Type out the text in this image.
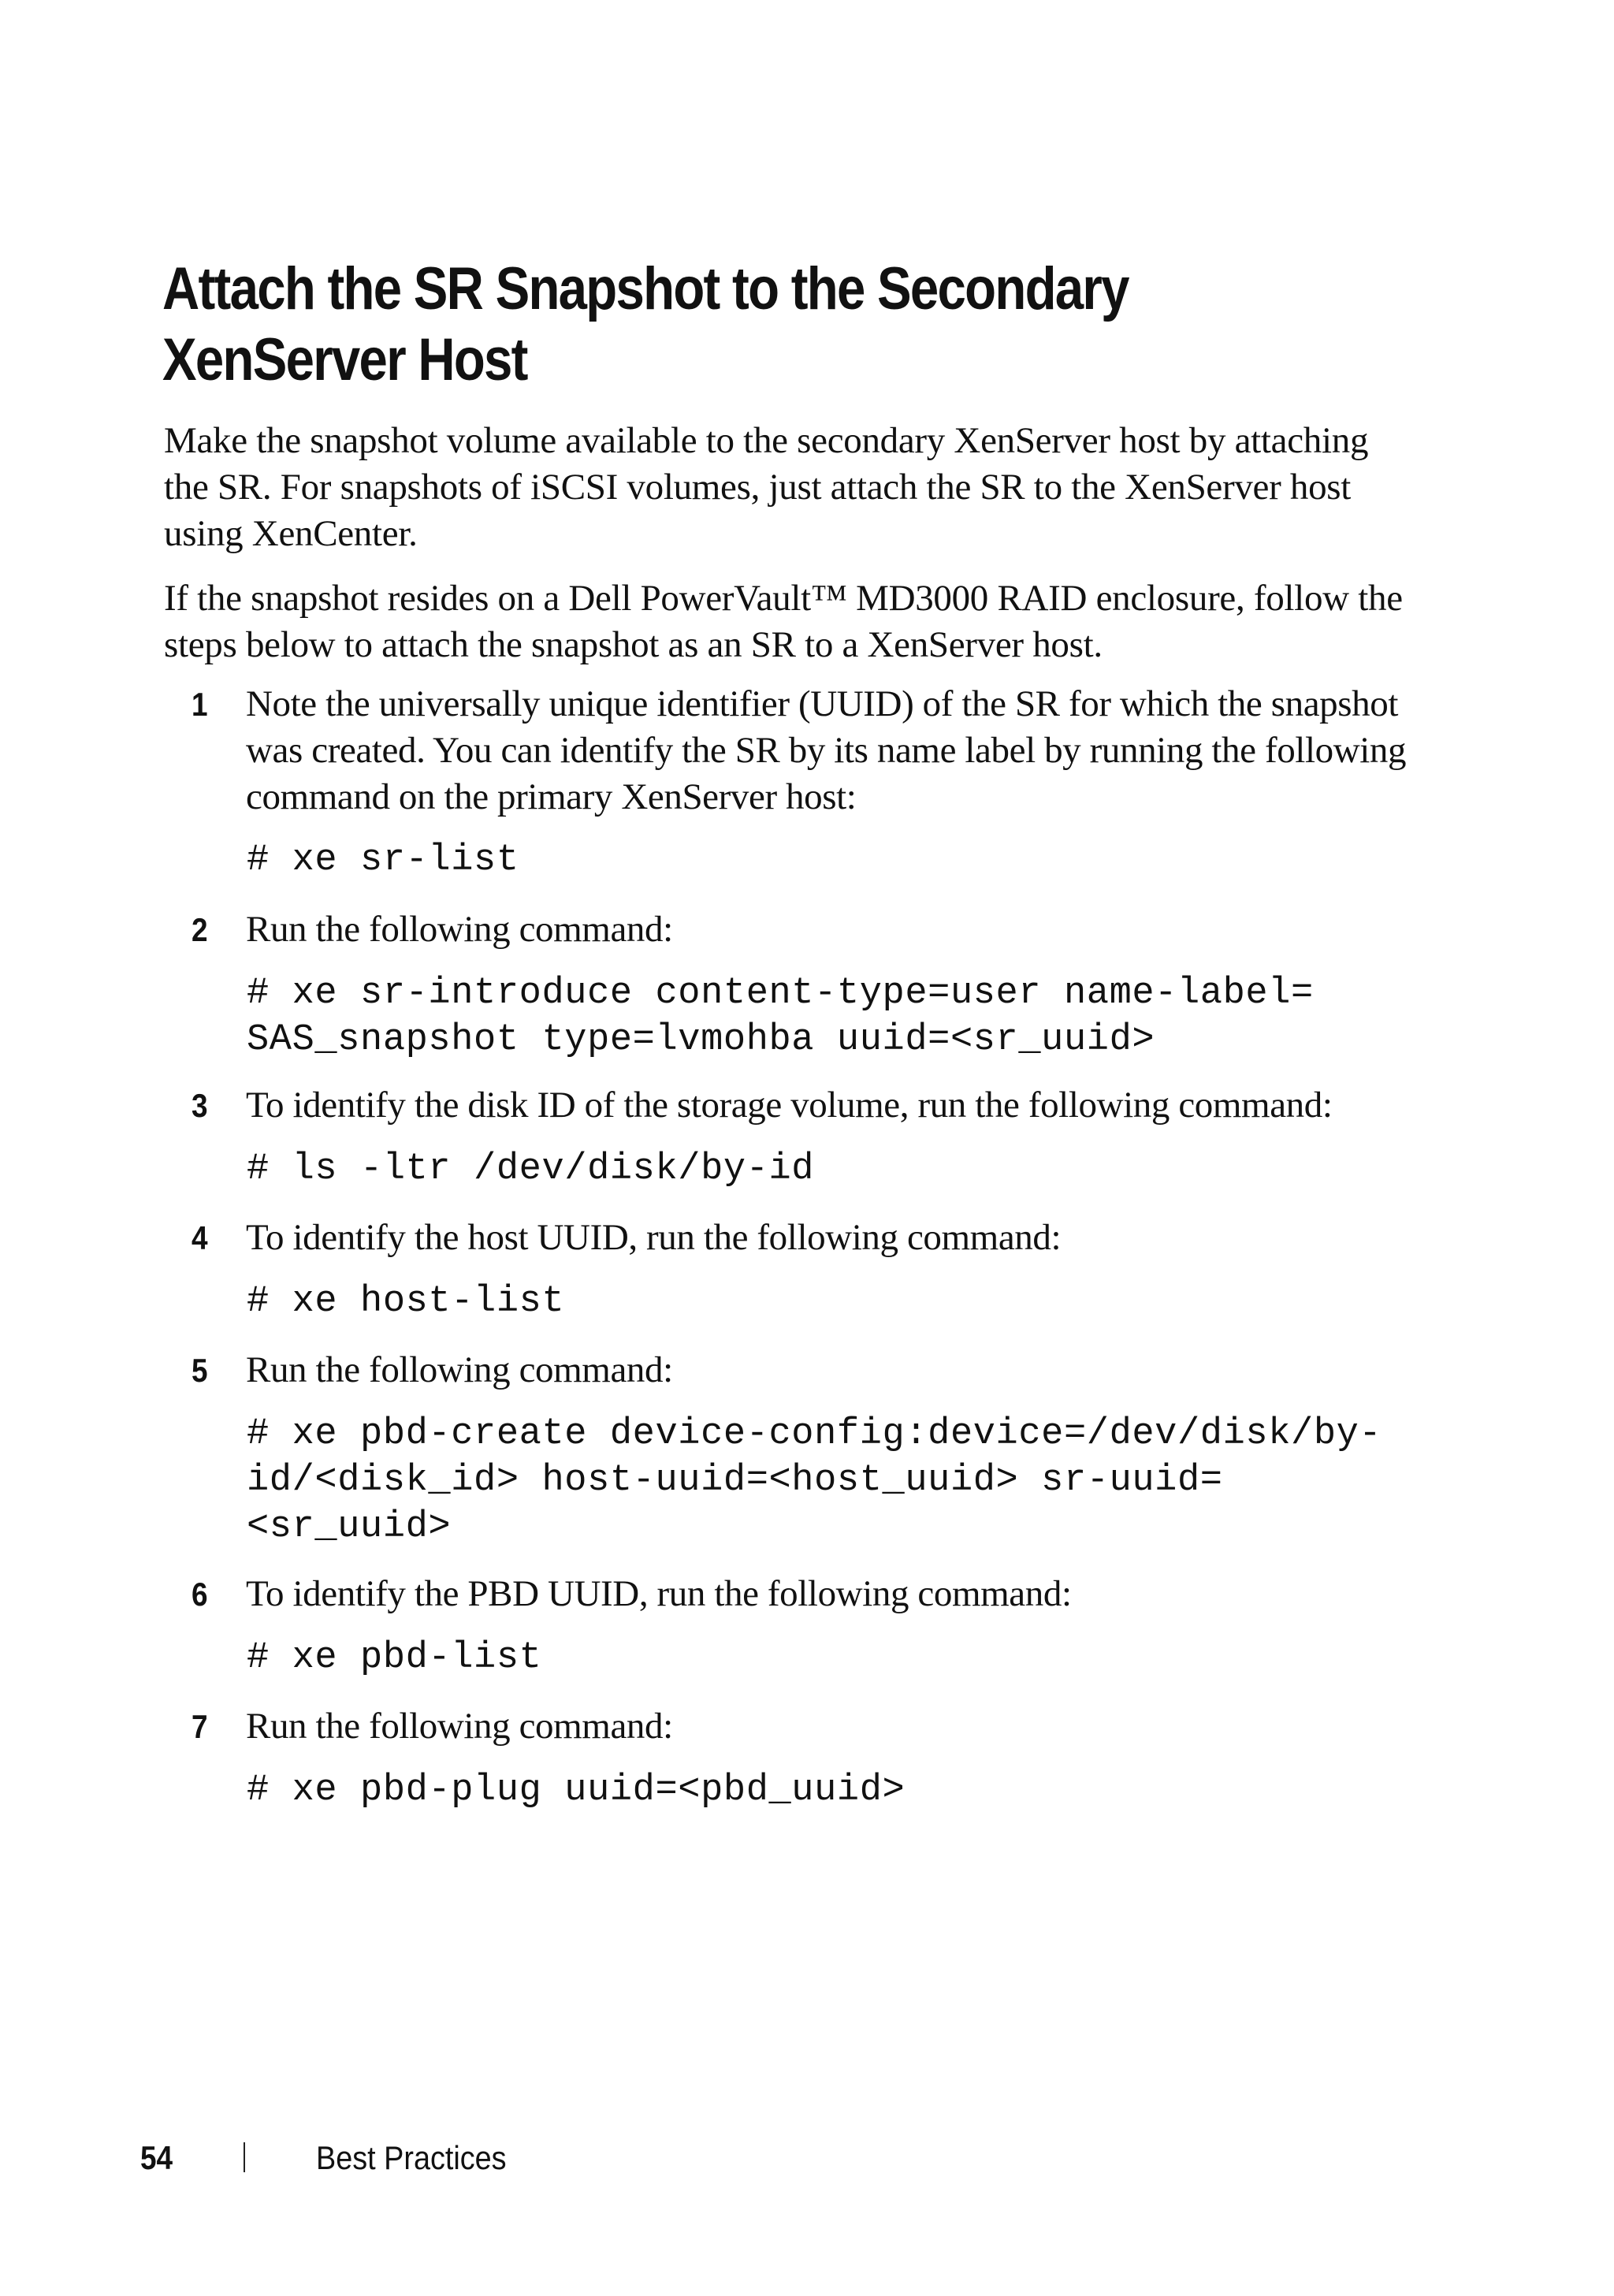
Attach the SR Snapshot to the Secondary
XenServer Host

Make the snapshot volume available to the secondary XenServer host by attaching the SR. For snapshots of iSCSI volumes, just attach the SR to the XenServer host using XenCenter.

If the snapshot resides on a Dell PowerVault™ MD3000 RAID enclosure, follow the steps below to attach the snapshot as an SR to a XenServer host.

1 Note the universally unique identifier (UUID) of the SR for which the snapshot was created. You can identify the SR by its name label by running the following command on the primary XenServer host:

# xe sr-list
2 Run the following command:

# xe sr-introduce content-type=user name-label=
SAS_snapshot type=lvmohba uuid=<sr_uuid>
3 To identify the disk ID of the storage volume, run the following command:

# ls -ltr /dev/disk/by-id
4 To identify the host UUID, run the following command:

# xe host-list
5 Run the following command:

# xe pbd-create device-config:device=/dev/disk/by-
id/<disk_id> host-uuid=<host_uuid> sr-uuid=
<sr_uuid>
6 To identify the PBD UUID, run the following command:

# xe pbd-list
7 Run the following command:

# xe pbd-plug uuid=<pbd_uuid>
54	Best Practices
